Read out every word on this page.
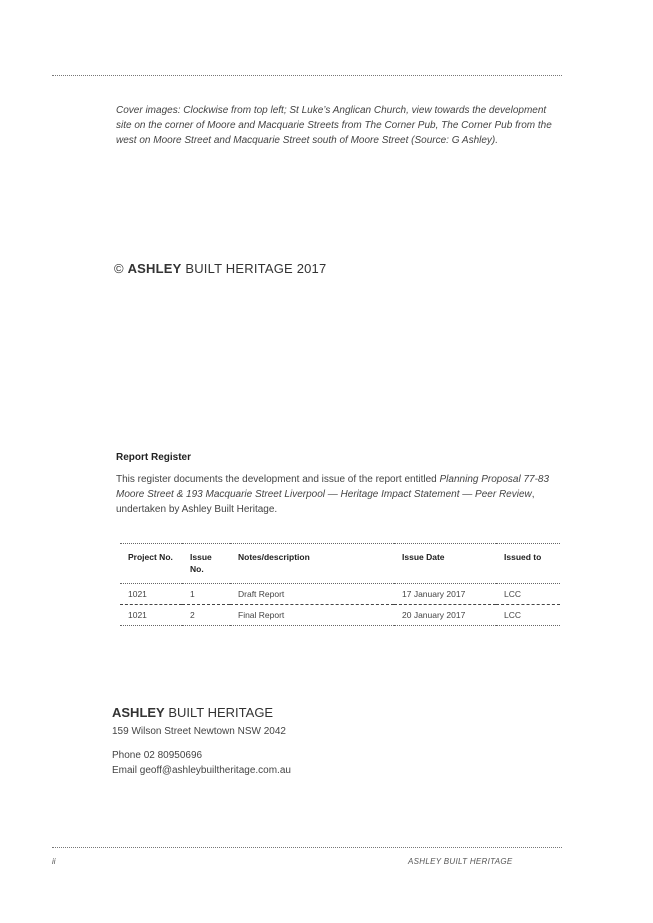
Cover images: Clockwise from top left; St Luke’s Anglican Church, view towards the development site on the corner of Moore and Macquarie Streets from The Corner Pub, The Corner Pub from the west on Moore Street and Macquarie Street south of Moore Street (Source: G Ashley).
© ASHLEY BUILT HERITAGE 2017
Report Register
This register documents the development and issue of the report entitled Planning Proposal 77-83 Moore Street & 193 Macquarie Street Liverpool — Heritage Impact Statement — Peer Review, undertaken by Ashley Built Heritage.
Project No.	Issue No.	Notes/description	Issue Date	Issued to
1021	1	Draft Report	17 January 2017	LCC
1021	2	Final Report	20 January 2017	LCC
ASHLEY BUILT HERITAGE
159 Wilson Street Newtown NSW 2042
Phone 02 80950696
Email geoff@ashleybuiltheritage.com.au
ii	ASHLEY BUILT HERITAGE
